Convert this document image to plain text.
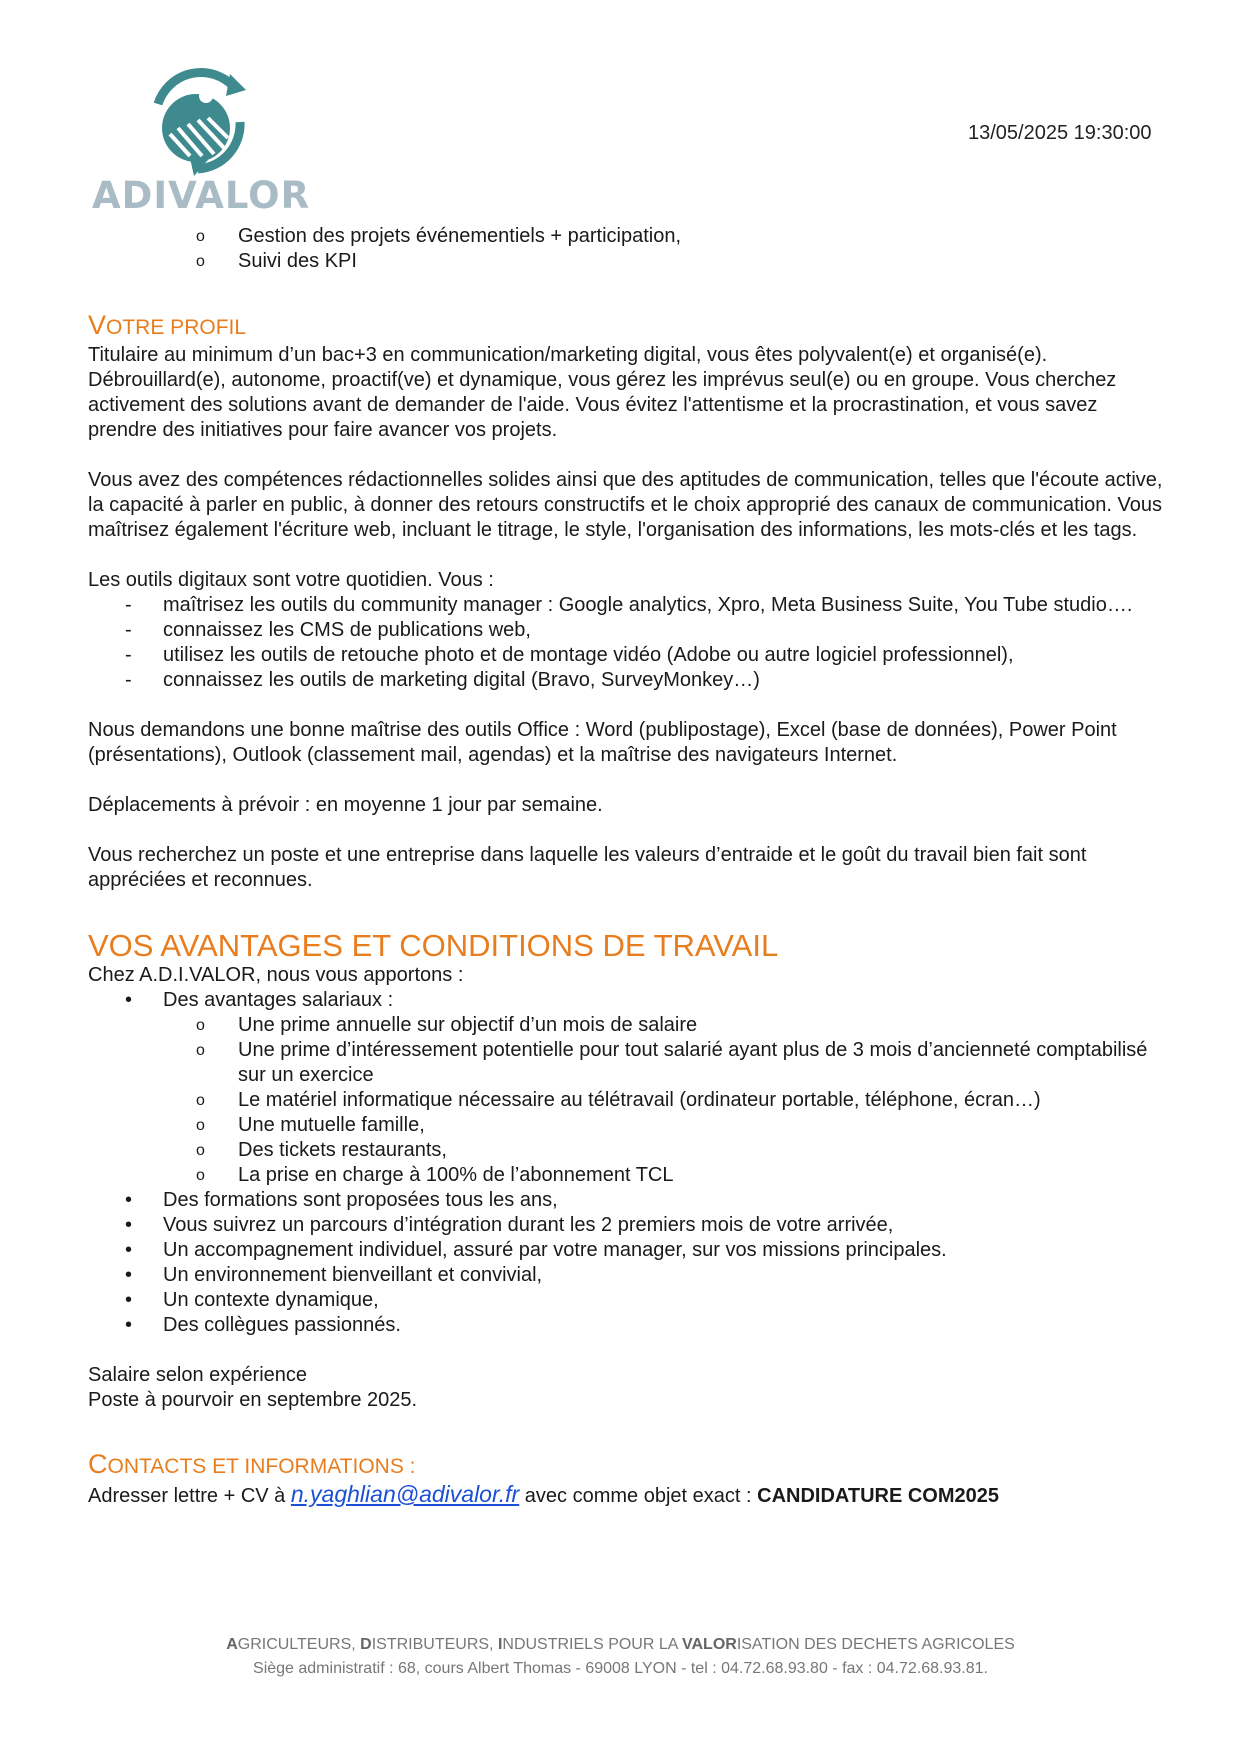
ADIVALOR
13/05/2025 19:30:00
o Gestion des projets événementiels + participation,
o Suivi des KPI
VOTRE PROFIL

Titulaire au minimum d’un bac+3 en communication/marketing digital, vous êtes polyvalent(e) et organisé(e). Débrouillard(e), autonome, proactif(ve) et dynamique, vous gérez les imprévus seul(e) ou en groupe. Vous cherchez activement des solutions avant de demander de l'aide. Vous évitez l'attentisme et la procrastination, et vous savez prendre des initiatives pour faire avancer vos projets.

Vous avez des compétences rédactionnelles solides ainsi que des aptitudes de communication, telles que l'écoute active, la capacité à parler en public, à donner des retours constructifs et le choix approprié des canaux de communication. Vous maîtrisez également l'écriture web, incluant le titrage, le style, l'organisation des informations, les mots-clés et les tags.

Les outils digitaux sont votre quotidien. Vous :

- maîtrisez les outils du community manager : Google analytics, Xpro, Meta Business Suite, You Tube studio….
- connaissez les CMS de publications web,
- utilisez les outils de retouche photo et de montage vidéo (Adobe ou autre logiciel professionnel),
- connaissez les outils de marketing digital (Bravo, SurveyMonkey…)

Nous demandons une bonne maîtrise des outils Office : Word (publipostage), Excel (base de données), Power Point (présentations), Outlook (classement mail, agendas) et la maîtrise des navigateurs Internet.

Déplacements à prévoir : en moyenne 1 jour par semaine.

Vous recherchez un poste et une entreprise dans laquelle les valeurs d’entraide et le goût du travail bien fait sont appréciées et reconnues.

VOS AVANTAGES ET CONDITIONS DE TRAVAIL

Chez A.D.I.VALOR, nous vous apportons :

• Des avantages salariaux :
o Une prime annuelle sur objectif d’un mois de salaire
o Une prime d’intéressement potentielle pour tout salarié ayant plus de 3 mois d’ancienneté comptabilisé sur un exercice
o Le matériel informatique nécessaire au télétravail (ordinateur portable, téléphone, écran…)
o Une mutuelle famille,
o Des tickets restaurants,
o La prise en charge à 100% de l’abonnement TCL
• Des formations sont proposées tous les ans,
• Vous suivrez un parcours d’intégration durant les 2 premiers mois de votre arrivée,
• Un accompagnement individuel, assuré par votre manager, sur vos missions principales.
• Un environnement bienveillant et convivial,
• Un contexte dynamique,
• Des collègues passionnés.

Salaire selon expérience

Poste à pourvoir en septembre 2025.

CONTACTS ET INFORMATIONS :

Adresser lettre + CV à n.yaghlian@adivalor.fr avec comme objet exact : CANDIDATURE COM2025

AGRICULTEURS, DISTRIBUTEURS, INDUSTRIELS POUR LA VALORISATION DES DECHETS AGRICOLES
Siège administratif : 68, cours Albert Thomas - 69008 LYON - tel : 04.72.68.93.80 - fax : 04.72.68.93.81.
